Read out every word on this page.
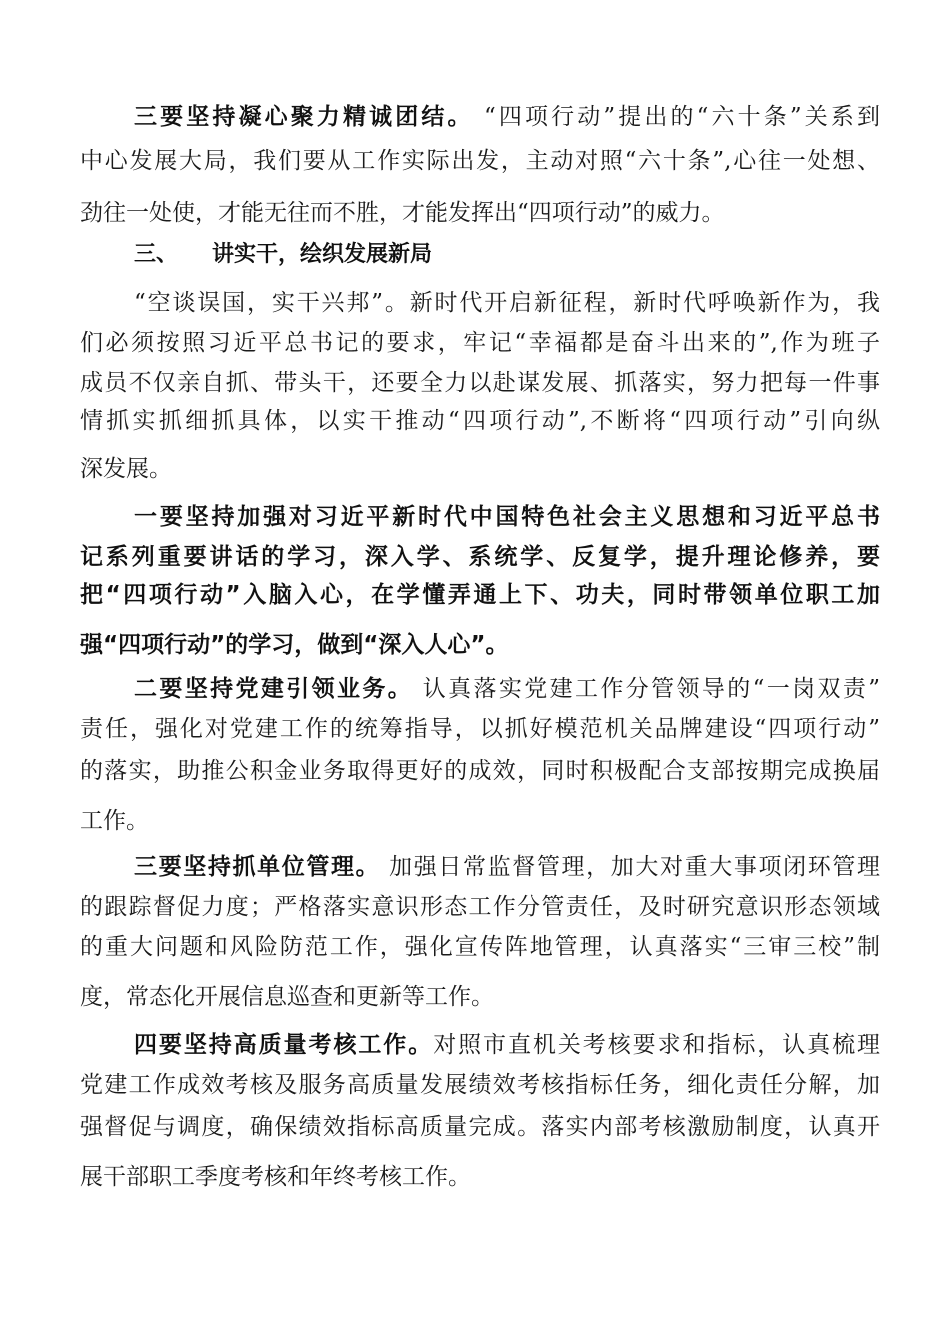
三要坚持凝心聚力精诚团结。 “四项行动”提出的“六十条”关系到
中心发展大局，我们要从工作实际出发，主动对照“六十条”,心往一处想、
劲往一处使，才能无往而不胜，才能发挥出“四项行动”的威力。
三、 讲实干，绘织发展新局
“空谈误国，实干兴邦”。新时代开启新征程，新时代呼唤新作为，我
们必须按照习近平总书记的要求，牢记“幸福都是奋斗出来的”,作为班子
成员不仅亲自抓、带头干，还要全力以赴谋发展、抓落实，努力把每一件事
情抓实抓细抓具体，以实干推动“四项行动”,不断将“四项行动”引向纵
深发展。
一要坚持加强对习近平新时代中国特色社会主义思想和习近平总书
记系列重要讲话的学习，深入学、系统学、反复学，提升理论修养，要
把“四项行动”入脑入心，在学懂弄通上下、功夫，同时带领单位职工加
强“四项行动”的学习，做到“深入人心”。
二要坚持党建引领业务。 认真落实党建工作分管领导的“一岗双责”
责任，强化对党建工作的统筹指导，以抓好模范机关品牌建设“四项行动”
的落实，助推公积金业务取得更好的成效，同时积极配合支部按期完成换届
工作。
三要坚持抓单位管理。 加强日常监督管理，加大对重大事项闭环管理
的跟踪督促力度；严格落实意识形态工作分管责任，及时研究意识形态领域
的重大问题和风险防范工作，强化宣传阵地管理，认真落实“三审三校”制
度，常态化开展信息巡查和更新等工作。
四要坚持高质量考核工作。对照市直机关考核要求和指标，认真梳理
党建工作成效考核及服务高质量发展绩效考核指标任务，细化责任分解，加
强督促与调度，确保绩效指标高质量完成。落实内部考核激励制度，认真开
展干部职工季度考核和年终考核工作。
